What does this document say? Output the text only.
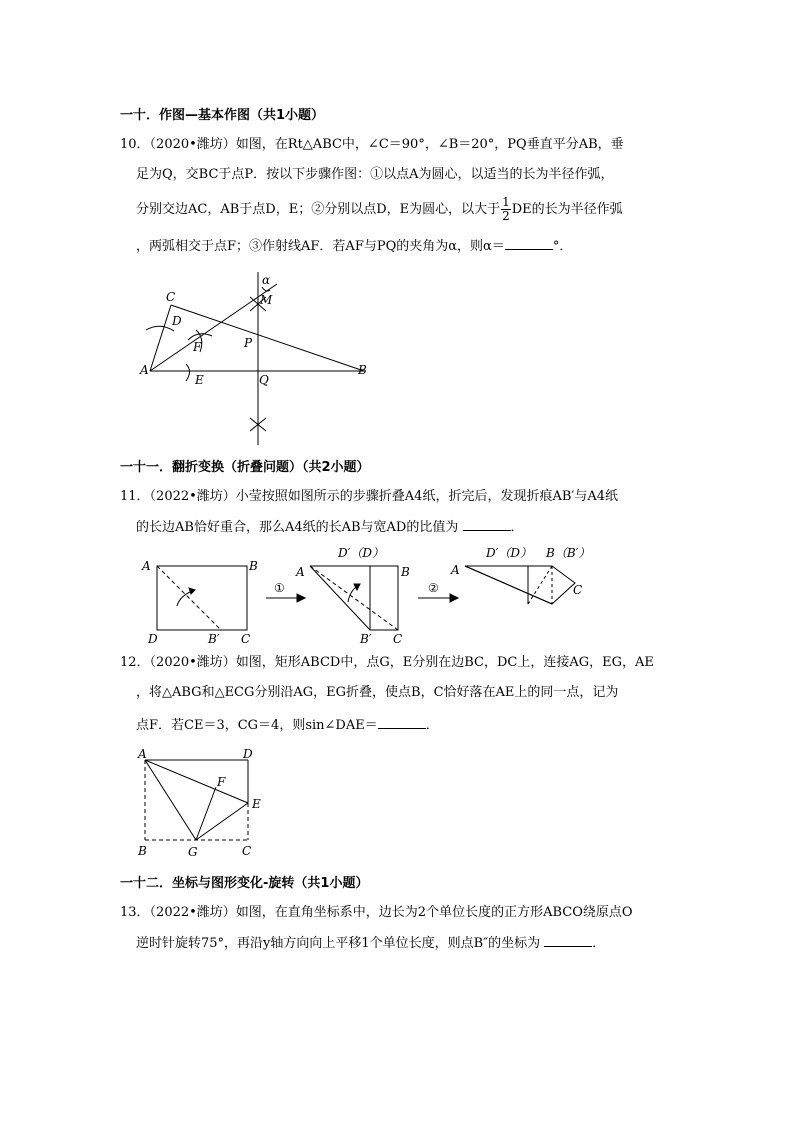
一十．作图—基本作图（共1小题）
10．（2020•潍坊）如图，在Rt△ABC中，∠C＝90°，∠B＝20°，PQ垂直平分AB，垂
足为Q，交BC于点P．按以下步骤作图：①以点A为圆心，以适当的长为半径作弧，
分别交边AC，AB于点D，E；②分别以点D，E为圆心，以大于 $\frac{1}{2}$ DE的长为半径作弧
，两弧相交于点F；③作射线AF．若AF与PQ的夹角为α，则α＝	°．
C
D
F	P
A
E	Q
B
M
α
一十一．翻折变换（折叠问题）（共2小题）
11．（2022•潍坊）小莹按照如图所示的步骤折叠A4纸，折完后，发现折痕AB′与A4纸
的长边AB恰好重合，那么A4纸的长AB与宽AD的比值为	．
A	B
D	B′ C
①
A
D′（D）
B
B′ C
②
A
D′（D） B（B′）
C
12．（2020•潍坊）如图，矩形ABCD中，点G，E分别在边BC，DC上，连接AG，EG，AE
，将△ABG和△ECG分别沿AG，EG折叠，使点B，C恰好落在AE上的同一点，记为
点F．若CE＝3，CG＝4，则sin∠DAE＝	．
A	D
F
E
B	G	C
一十二．坐标与图形变化-旋转（共1小题）
13．（2022•潍坊）如图，在直角坐标系中，边长为2个单位长度的正方形ABCO绕原点O
逆时针旋转75°，再沿y轴方向向上平移1个单位长度，则点B″的坐标为	．
